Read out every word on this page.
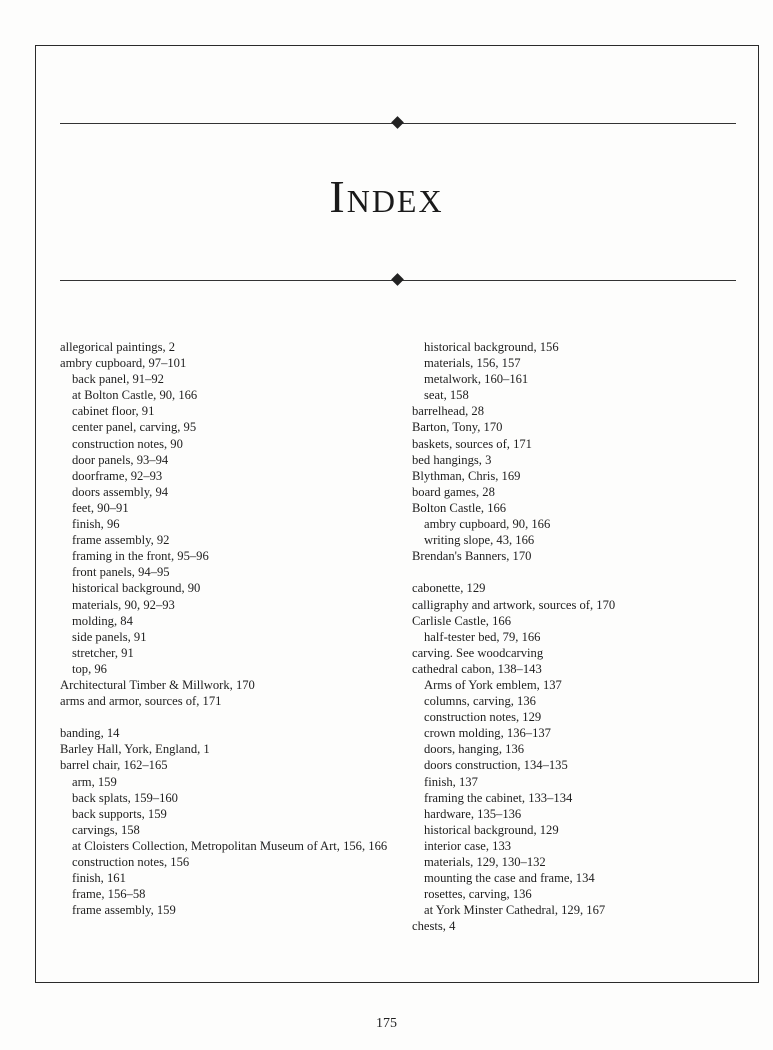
Index
allegorical paintings, 2
ambry cupboard, 97–101
back panel, 91–92
at Bolton Castle, 90, 166
cabinet floor, 91
center panel, carving, 95
construction notes, 90
door panels, 93–94
doorframe, 92–93
doors assembly, 94
feet, 90–91
finish, 96
frame assembly, 92
framing in the front, 95–96
front panels, 94–95
historical background, 90
materials, 90, 92–93
molding, 84
side panels, 91
stretcher, 91
top, 96
Architectural Timber & Millwork, 170
arms and armor, sources of, 171
banding, 14
Barley Hall, York, England, 1
barrel chair, 162–165
arm, 159
back splats, 159–160
back supports, 159
carvings, 158
at Cloisters Collection, Metropolitan Museum of Art, 156, 166
construction notes, 156
finish, 161
frame, 156–58
frame assembly, 159
historical background, 156
materials, 156, 157
metalwork, 160–161
seat, 158
barrelhead, 28
Barton, Tony, 170
baskets, sources of, 171
bed hangings, 3
Blythman, Chris, 169
board games, 28
Bolton Castle, 166
ambry cupboard, 90, 166
writing slope, 43, 166
Brendan's Banners, 170
cabonette, 129
calligraphy and artwork, sources of, 170
Carlisle Castle, 166
half-tester bed, 79, 166
carving. See woodcarving
cathedral cabon, 138–143
Arms of York emblem, 137
columns, carving, 136
construction notes, 129
crown molding, 136–137
doors, hanging, 136
doors construction, 134–135
finish, 137
framing the cabinet, 133–134
hardware, 135–136
historical background, 129
interior case, 133
materials, 129, 130–132
mounting the case and frame, 134
rosettes, carving, 136
at York Minster Cathedral, 129, 167
chests, 4
175
